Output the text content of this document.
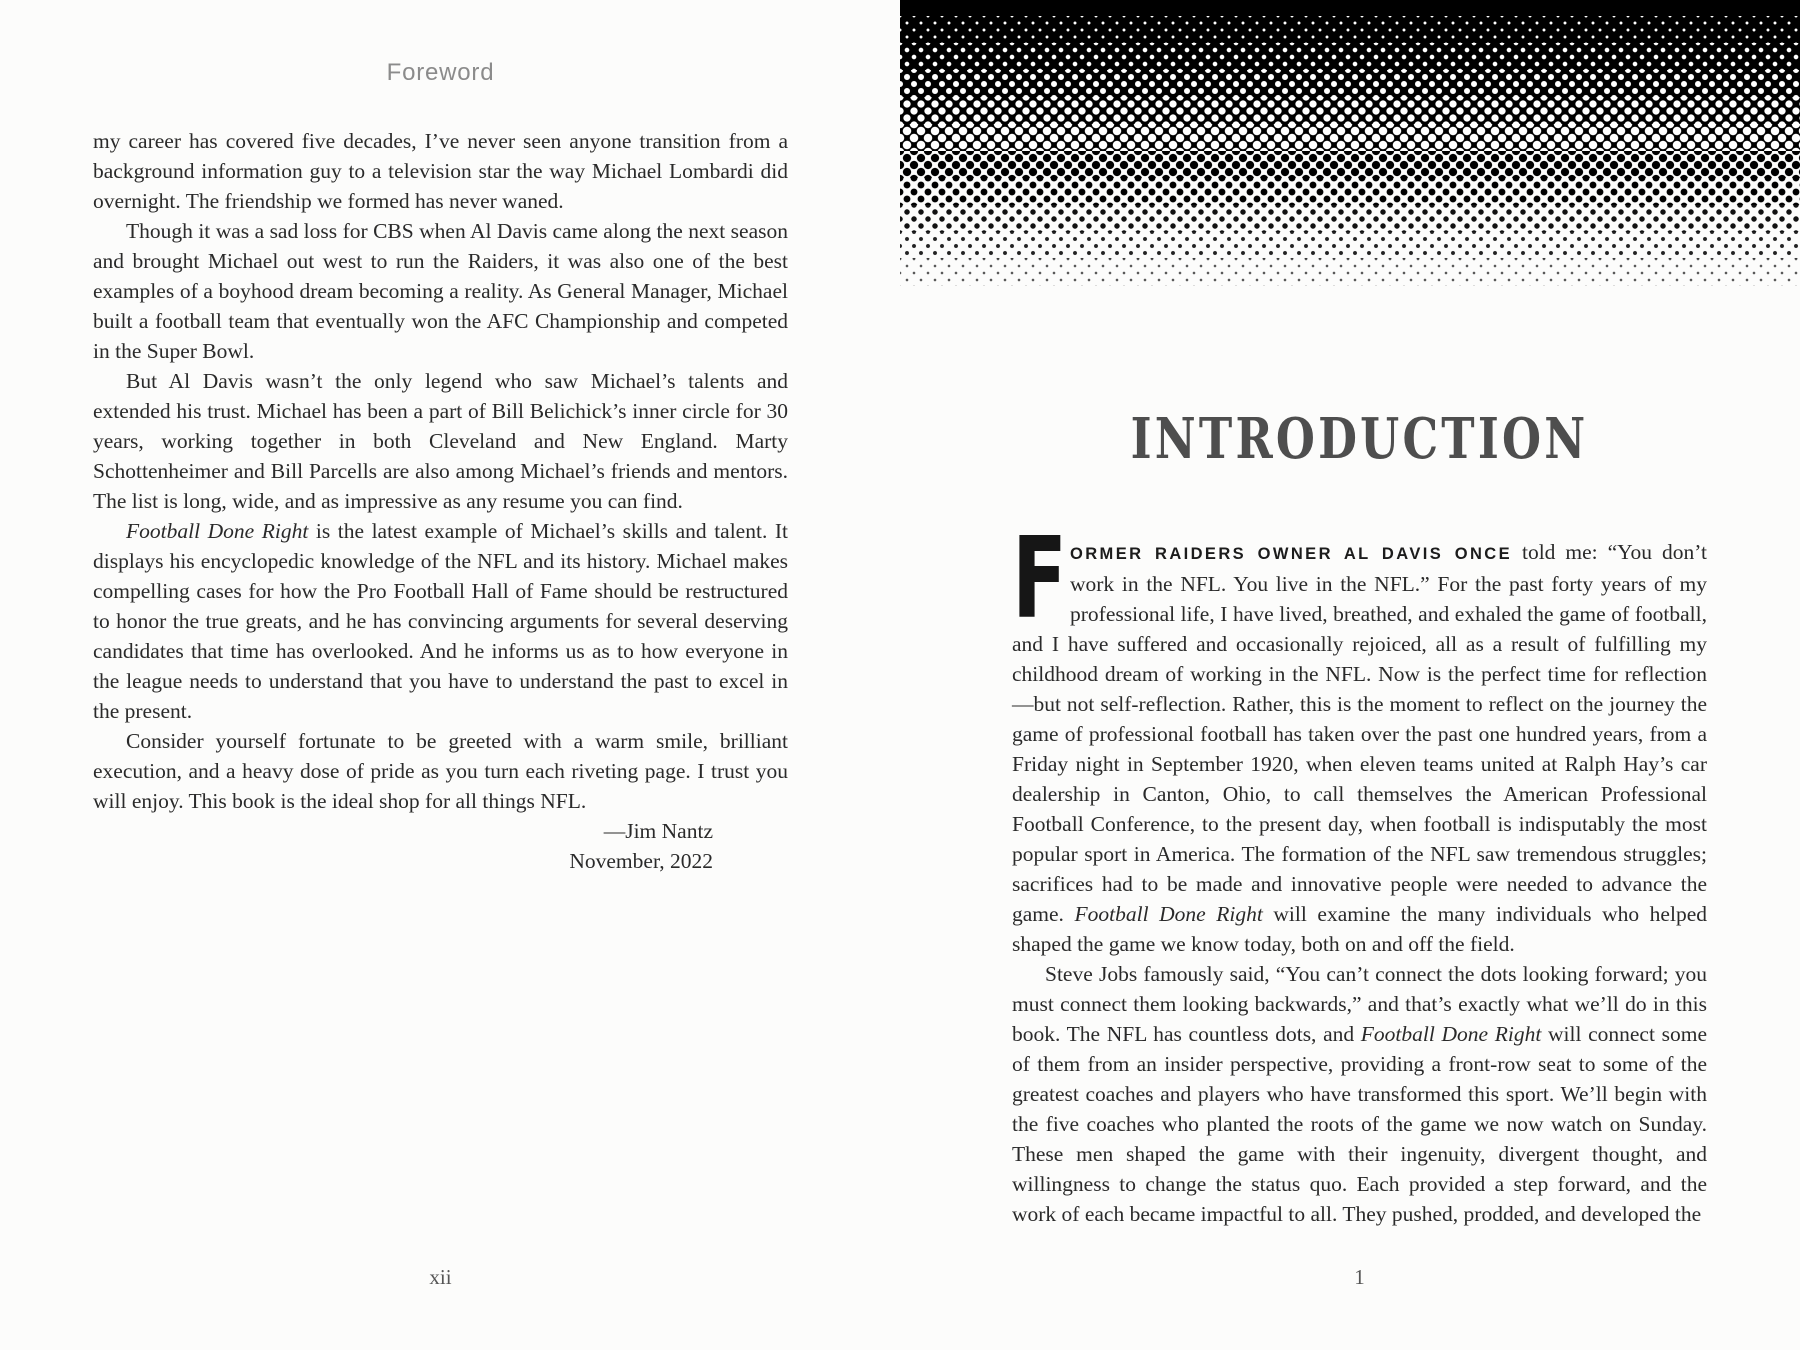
Foreword

my career has covered five decades, I’ve never seen anyone transition from a background information guy to a television star the way Michael Lombardi did overnight. The friendship we formed has never waned.

Though it was a sad loss for CBS when Al Davis came along the next season and brought Michael out west to run the Raiders, it was also one of the best examples of a boyhood dream becoming a reality. As General Manager, Michael built a football team that eventually won the AFC Championship and competed in the Super Bowl.

But Al Davis wasn’t the only legend who saw Michael’s talents and extended his trust. Michael has been a part of Bill Belichick’s inner circle for 30 years, working together in both Cleveland and New England. Marty Schottenheimer and Bill Parcells are also among Michael’s friends and mentors. The list is long, wide, and as impressive as any resume you can find.

Football Done Right is the latest example of Michael’s skills and talent. It displays his encyclopedic knowledge of the NFL and its history. Michael makes compelling cases for how the Pro Football Hall of Fame should be restructured to honor the true greats, and he has convincing arguments for several deserving candidates that time has overlooked. And he informs us as to how everyone in the league needs to understand that you have to understand the past to excel in the present.

Consider yourself fortunate to be greeted with a warm smile, brilliant execution, and a heavy dose of pride as you turn each riveting page. I trust you will enjoy. This book is the ideal shop for all things NFL.

—Jim Nantz
November, 2022
xii
INTRODUCTION

F ORMER RAIDERS OWNER AL DAVIS ONCE told me: “You don’t work in the NFL. You live in the NFL.” For the past forty years of my professional life, I have lived, breathed, and exhaled the game of football, and I have suffered and occasionally rejoiced, all as a result of fulfilling my childhood dream of working in the NFL. Now is the perfect time for reflection—but not self-reflection. Rather, this is the moment to reflect on the journey the game of professional football has taken over the past one hundred years, from a Friday night in September 1920, when eleven teams united at Ralph Hay’s car dealership in Canton, Ohio, to call themselves the American Professional Football Conference, to the present day, when football is indisputably the most popular sport in America. The formation of the NFL saw tremendous struggles; sacrifices had to be made and innovative people were needed to advance the game. Football Done Right will examine the many individuals who helped shaped the game we know today, both on and off the field.

Steve Jobs famously said, “You can’t connect the dots looking forward; you must connect them looking backwards,” and that’s exactly what we’ll do in this book. The NFL has countless dots, and Football Done Right will connect some of them from an insider perspective, providing a front-row seat to some of the greatest coaches and players who have transformed this sport. We’ll begin with the five coaches who planted the roots of the game we now watch on Sunday. These men shaped the game with their ingenuity, divergent thought, and willingness to change the status quo. Each provided a step forward, and the work of each became impactful to all. They pushed, prodded, and developed the

1
